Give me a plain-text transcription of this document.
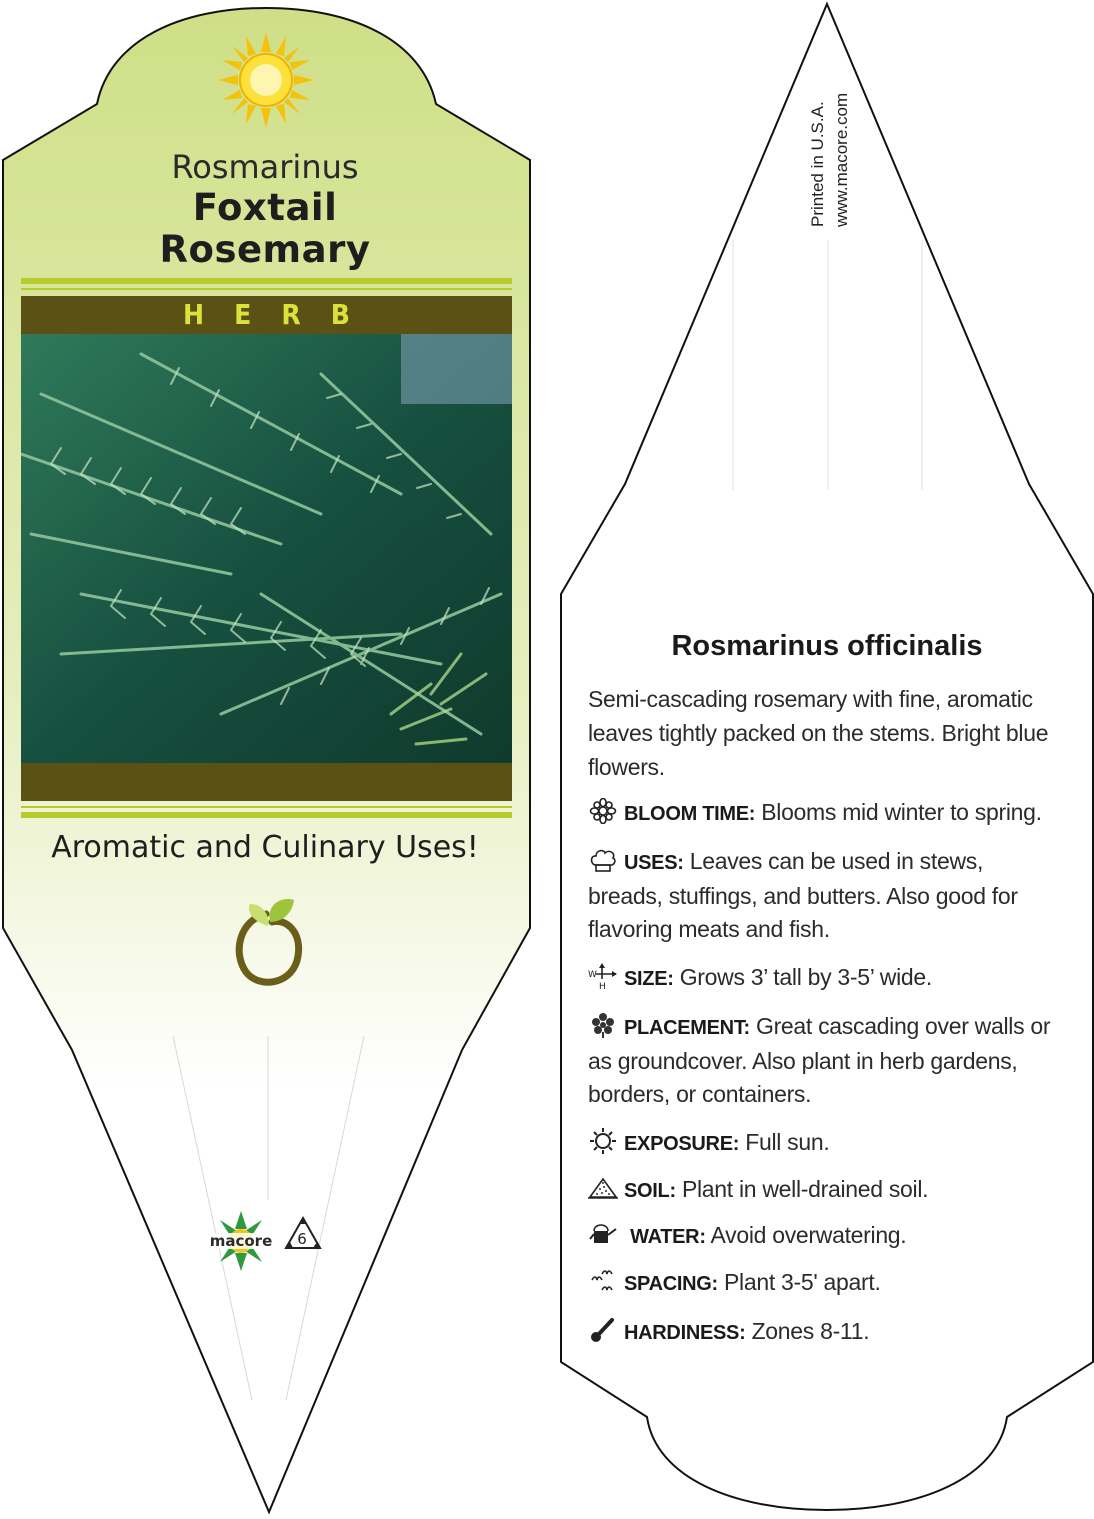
Rosmarinus
Foxtail
Rosemary
HERB
Aromatic and Culinary Uses!
macore 6
Printed in U.S.A. www.macore.com
Rosmarinus officinalis
Semi-cascading rosemary with fine, aromatic leaves tightly packed on the stems. Bright blue flowers.
BLOOM TIME: Blooms mid winter to spring.
USES: Leaves can be used in stews, breads, stuffings, and butters. Also good for flavoring meats and fish.
W
H SIZE: Grows 3’ tall by 3-5’ wide.
PLACEMENT: Great cascading over walls or as groundcover. Also plant in herb gardens, borders, or containers.
EXPOSURE: Full sun.
SOIL: Plant in well-drained soil.
WATER: Avoid overwatering.
SPACING: Plant 3-5' apart.
HARDINESS: Zones 8-11.
